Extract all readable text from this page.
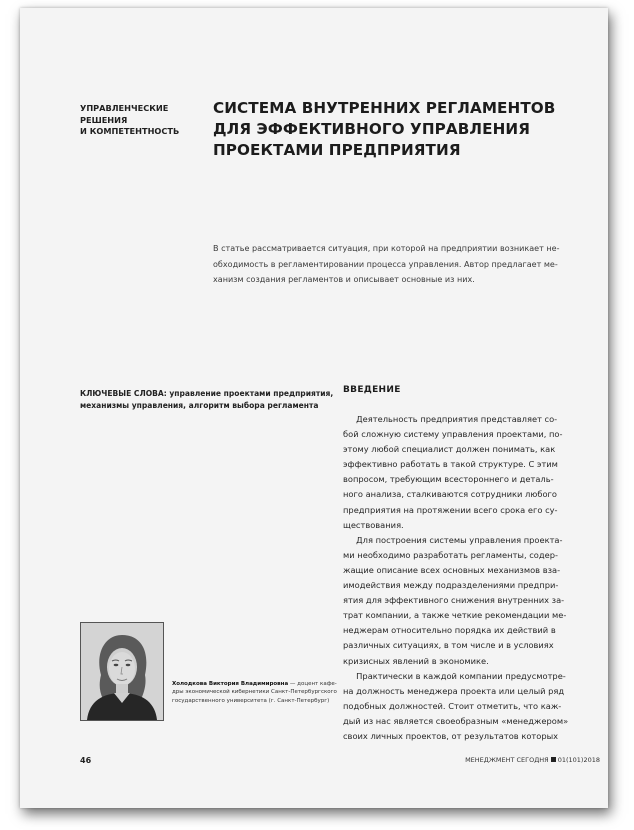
УПРАВЛЕНЧЕСКИЕ
РЕШЕНИЯ
И КОМПЕТЕНТНОСТЬ
СИСТЕМА ВНУТРЕННИХ РЕГЛАМЕНТОВ
ДЛЯ ЭФФЕКТИВНОГО УПРАВЛЕНИЯ
ПРОЕКТАМИ ПРЕДПРИЯТИЯ
В статье рассматривается ситуация, при которой на предприятии возникает не-
обходимость в регламентировании процесса управления. Автор предлагает ме-
ханизм создания регламентов и описывает основные из них.
КЛЮЧЕВЫЕ СЛОВА: управление проектами предприятия,
механизмы управления, алгоритм выбора регламента
ВВЕДЕНИЕ
Деятельность предприятия представляет со-
бой сложную систему управления проектами, по-
этому любой специалист должен понимать, как
эффективно работать в такой структуре. С этим
вопросом, требующим всестороннего и деталь-
ного анализа, сталкиваются сотрудники любого
предприятия на протяжении всего срока его су-
ществования.
Для построения системы управления проекта-
ми необходимо разработать регламенты, содер-
жащие описание всех основных механизмов вза-
имодействия между подразделениями предпри-
ятия для эффективного снижения внутренних за-
трат компании, а также четкие рекомендации ме-
неджерам относительно порядка их действий в
различных ситуациях, в том числе и в условиях
кризисных явлений в экономике.
Практически в каждой компании предусмотре-
на должность менеджера проекта или целый ряд
подобных должностей. Стоит отметить, что каж-
дый из нас является своеобразным «менеджером»
своих личных проектов, от результатов которых
Холодкова Виктория Владимировна — доцент кафе-
дры экономической кибернетики Санкт-Петербургского
государственного университета (г. Санкт-Петербург)
46	МЕНЕДЖМЕНТ СЕГОДНЯ 01(101)2018
